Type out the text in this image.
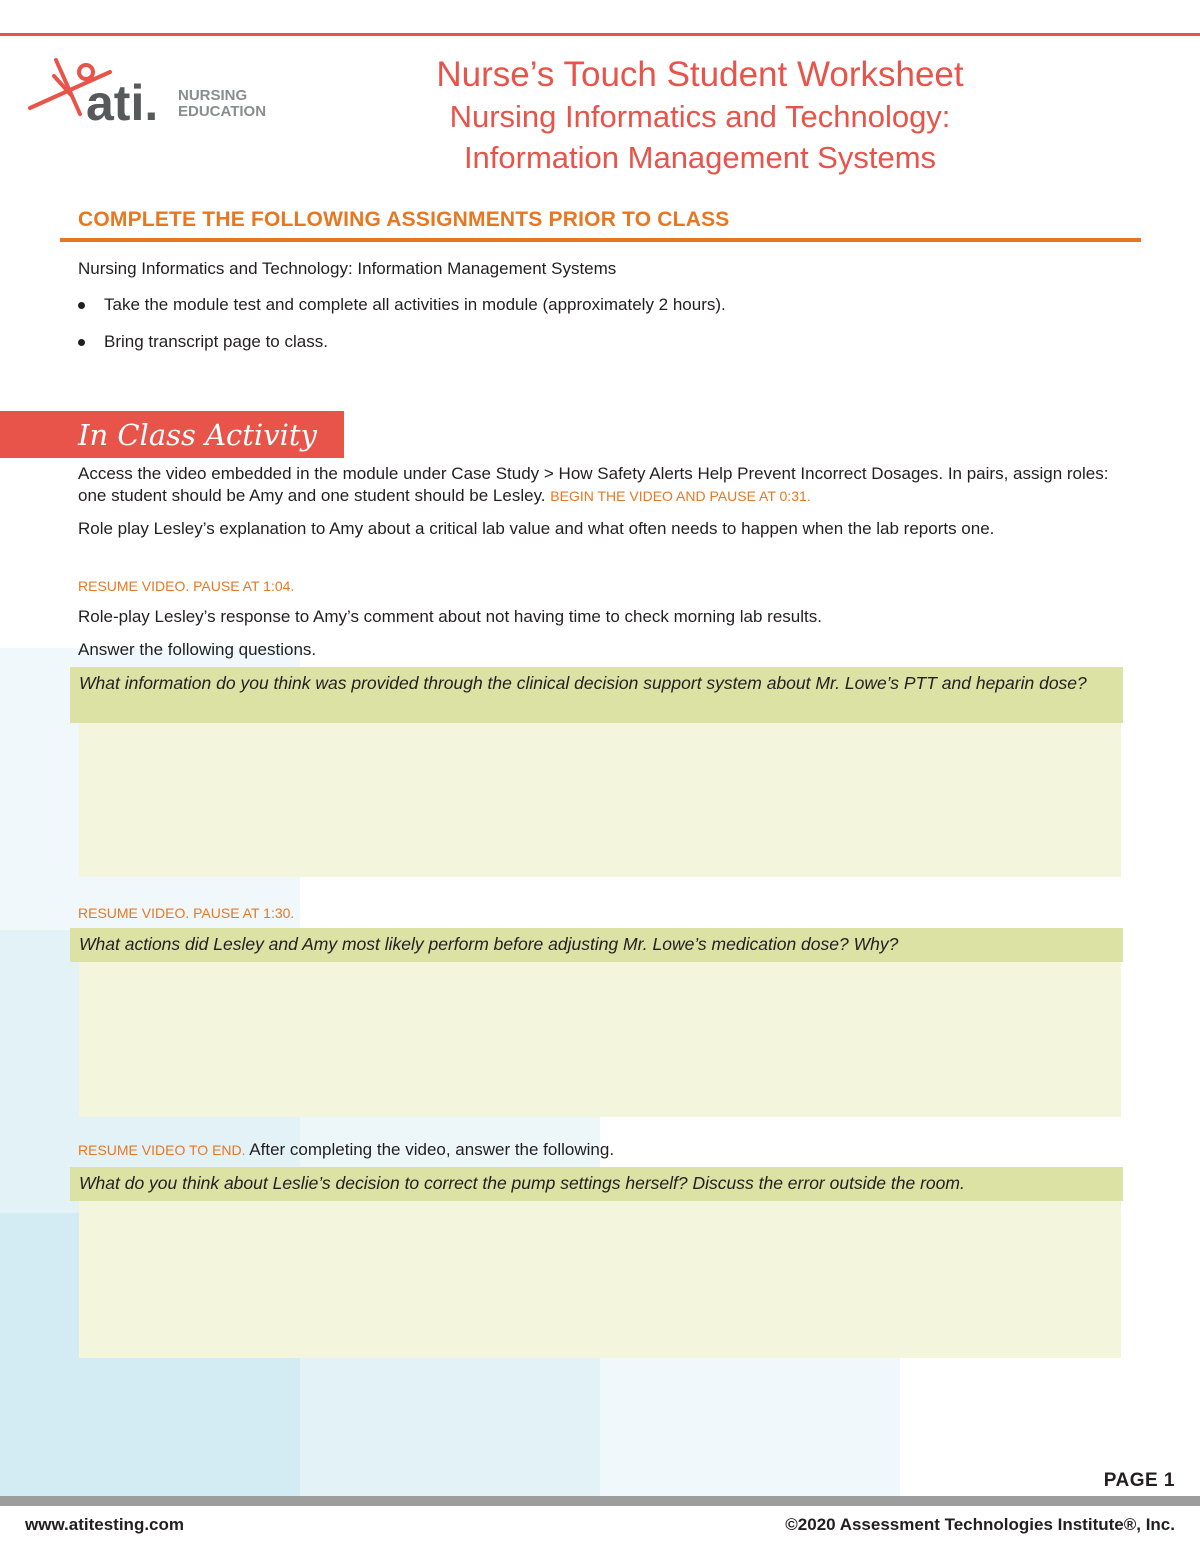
ati. NURSING
EDUCATION
Nurse’s Touch Student Worksheet
Nursing Informatics and Technology:
Information Management Systems
COMPLETE THE FOLLOWING ASSIGNMENTS PRIOR TO CLASS
Nursing Informatics and Technology: Information Management Systems
Take the module test and complete all activities in module (approximately 2 hours).
Bring transcript page to class.
In Class Activity
Access the video embedded in the module under Case Study > How Safety Alerts Help Prevent Incorrect Dosages. In pairs, assign roles: one student should be Amy and one student should be Lesley. BEGIN THE VIDEO AND PAUSE AT 0:31.
Role play Lesley’s explanation to Amy about a critical lab value and what often needs to happen when the lab reports one.
RESUME VIDEO. PAUSE AT 1:04.
Role-play Lesley’s response to Amy’s comment about not having time to check morning lab results.
Answer the following questions.
What information do you think was provided through the clinical decision support system about Mr. Lowe’s PTT and heparin dose?
RESUME VIDEO. PAUSE AT 1:30.
What actions did Lesley and Amy most likely perform before adjusting Mr. Lowe’s medication dose? Why?
RESUME VIDEO TO END. After completing the video, answer the following.
What do you think about Leslie’s decision to correct the pump settings herself? Discuss the error outside the room.
PAGE 1
www.atitesting.com	©2020 Assessment Technologies Institute®, Inc.
